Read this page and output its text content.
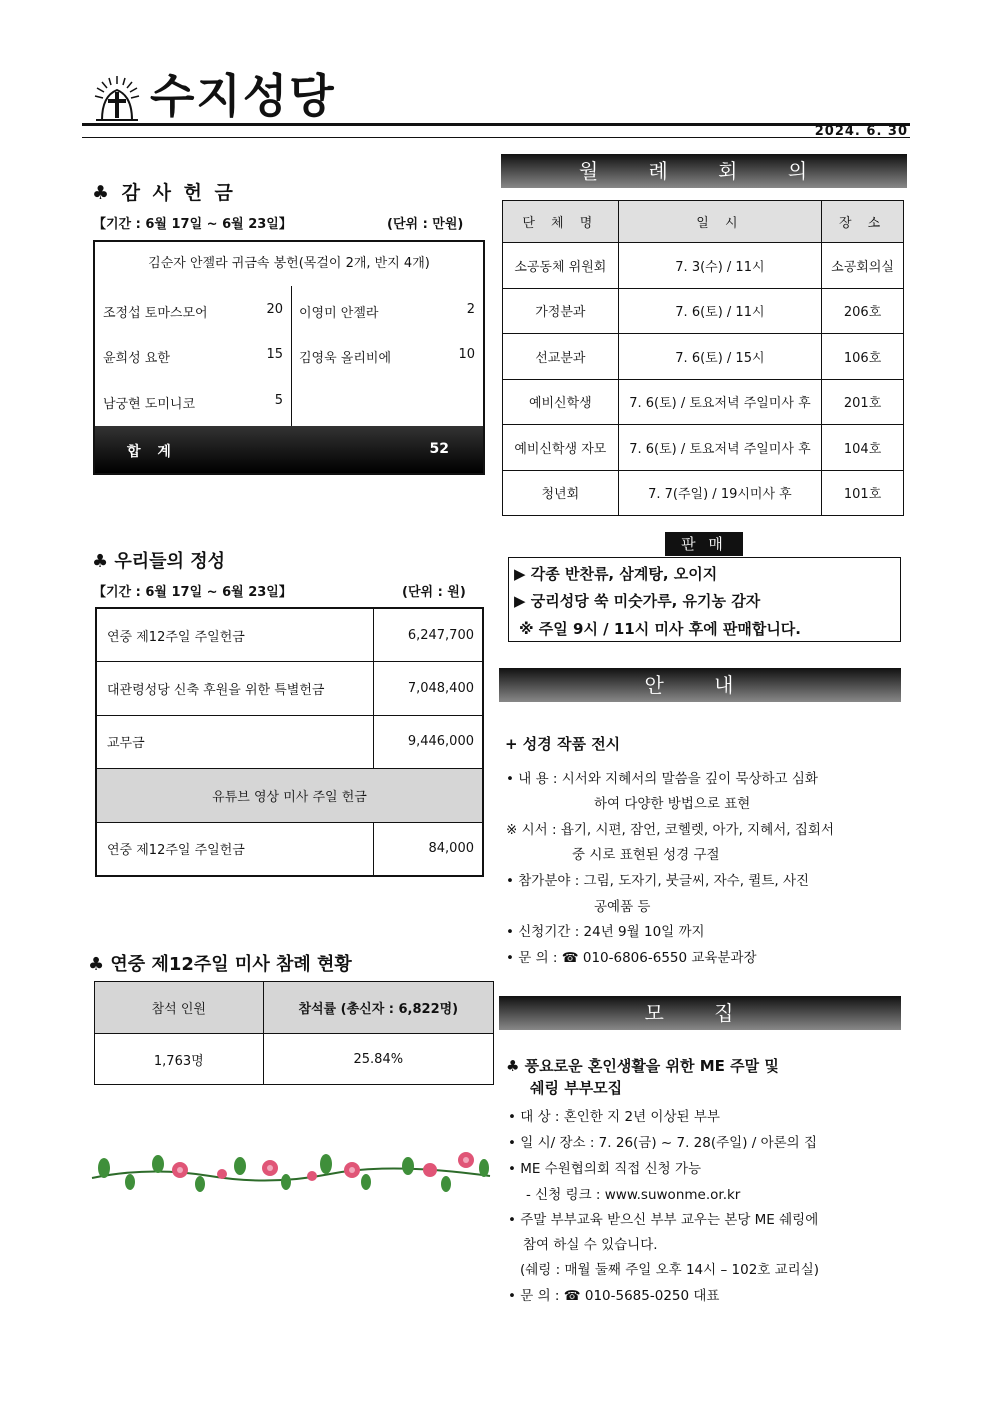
수지성당
2024. 6. 30
♣ 감 사 헌 금
【기간 : 6월 17일 ~ 6월 23일】	(단위 : 만원)
김순자 안젤라 귀금속 봉헌(목걸이 2개, 반지 4개)
조정섭 토마스모어	20 이영미 안젤라	2
윤희성 요한	15 김영욱 올리비에	10
남궁현 도미니코	5
합 계	52
월 례 회 의
단 체 명	일 시	장 소
소공동체 위원회	7. 3(수) / 11시	소공회의실
가정분과	7. 6(토) / 11시	206호
선교분과	7. 6(토) / 15시	106호
예비신학생	7. 6(토) / 토요저녁 주일미사 후	201호
예비신학생 자모	7. 6(토) / 토요저녁 주일미사 후	104호
청년회	7. 7(주일) / 19시미사 후	101호
판 매
▶ 각종 반찬류, 삼계탕, 오이지
▶ 궁리성당 쑥 미숫가루, 유기농 감자
※ 주일 9시 / 11시 미사 후에 판매합니다.
♣ 우리들의 정성
【기간 : 6월 17일 ~ 6월 23일】	(단위 : 원)
연중 제12주일 주일헌금	6,247,700
대관령성당 신축 후원을 위한 특별헌금	7,048,400
교무금	9,446,000
유튜브 영상 미사 주일 헌금	
연중 제12주일 주일헌금	84,000
안 내
+ 성경 작품 전시
• 내 용 : 시서와 지혜서의 말씀을 깊이 묵상하고 심화
하여 다양한 방법으로 표현
※ 시서 : 욥기, 시편, 잠언, 코헬렛, 아가, 지혜서, 집회서
중 시로 표현된 성경 구절
• 참가분야 : 그림, 도자기, 붓글씨, 자수, 퀼트, 사진
공예품 등
• 신청기간 : 24년 9월 10일 까지
• 문 의 : ☎ 010-6806-6550 교육분과장
♣ 연중 제12주일 미사 참례 현황
참석 인원	참석률 (총신자 : 6,822명)
1,763명	25.84%
모 집
♣ 풍요로운 혼인생활을 위한 ME 주말 및
쉐링 부부모집
• 대 상 : 혼인한 지 2년 이상된 부부
• 일 시/ 장소 : 7. 26(금) ~ 7. 28(주일) / 아론의 집
• ME 수원협의회 직접 신청 가능
- 신청 링크 : www.suwonme.or.kr
• 주말 부부교육 받으신 부부 교우는 본당 ME 쉐링에
참여 하실 수 있습니다.
(쉐링 : 매월 둘째 주일 오후 14시 – 102호 교리실)
• 문 의 : ☎ 010-5685-0250 대표
